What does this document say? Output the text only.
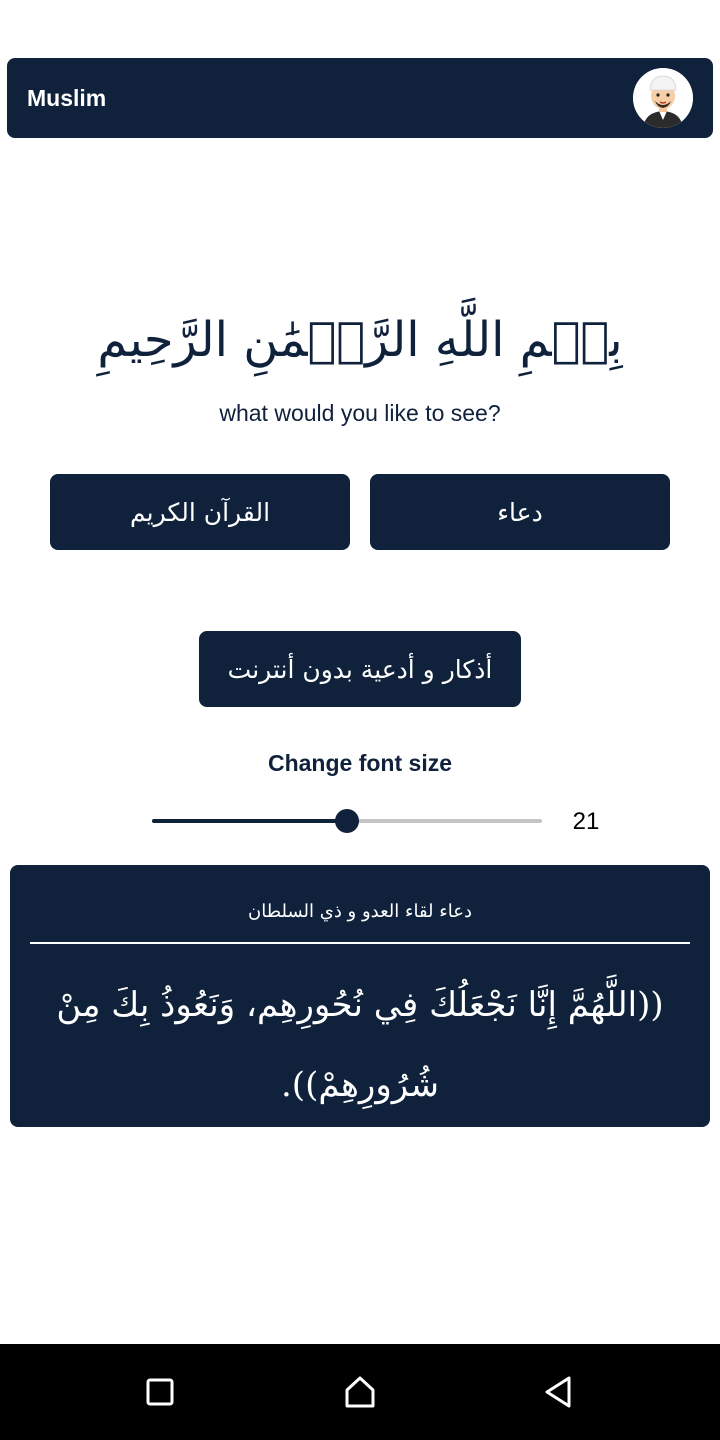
Muslim
بِسۡمِ اللَّهِ الرَّحۡمَٰنِ الرَّحِيمِ
what would you like to see?
القرآن الكريم	دعاء
أذكار و أدعية بدون أنترنت
Change font size
21
دعاء لقاء العدو و ذي السلطان
((اللَّهُمَّ إِنَّا نَجْعَلُكَ فِي نُحُورِهِم، وَنَعُوذُ بِكَ مِنْ شُرُورِهِمْ)).‏
